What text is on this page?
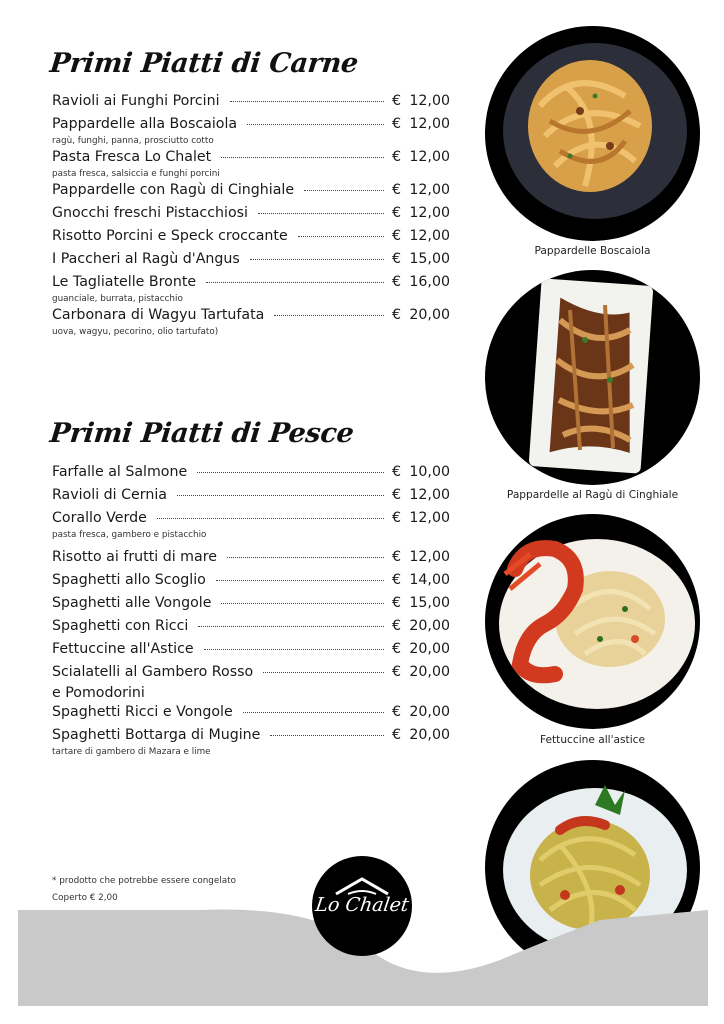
Primi Piatti di Carne
Ravioli ai Funghi Porcini	€ 12,00
Pappardelle alla Boscaiola	€ 12,00
ragù, funghi, panna, prosciutto cotto
Pasta Fresca Lo Chalet	€ 12,00
pasta fresca, salsiccia e funghi porcini
Pappardelle con Ragù di Cinghiale	€ 12,00
Gnocchi freschi Pistacchiosi	€ 12,00
Risotto Porcini e Speck croccante	€ 12,00
I Paccheri al Ragù d'Angus	€ 15,00
Le Tagliatelle Bronte	€ 16,00
guanciale, burrata, pistacchio
Carbonara di Wagyu Tartufata	€ 20,00
uova, wagyu, pecorino, olio tartufato)
Primi Piatti di Pesce
Farfalle al Salmone	€ 10,00
Ravioli di Cernia	€ 12,00
Corallo Verde	€ 12,00
pasta fresca, gambero e pistacchio
Risotto ai frutti di mare	€ 12,00
Spaghetti allo Scoglio	€ 14,00
Spaghetti alle Vongole	€ 15,00
Spaghetti con Ricci	€ 20,00
Fettuccine all'Astice	€ 20,00
Scialatelli al Gambero Rosso	€ 20,00
e Pomodorini
Spaghetti Ricci e Vongole	€ 20,00
Spaghetti Bottarga di Mugine	€ 20,00
tartare di gambero di Mazara e lime
Pappardelle Boscaiola
Pappardelle al Ragù di Cinghiale
Fettuccine all'astice
* prodotto che potrebbe essere congelato
Coperto € 2,00	Lo Chalet
